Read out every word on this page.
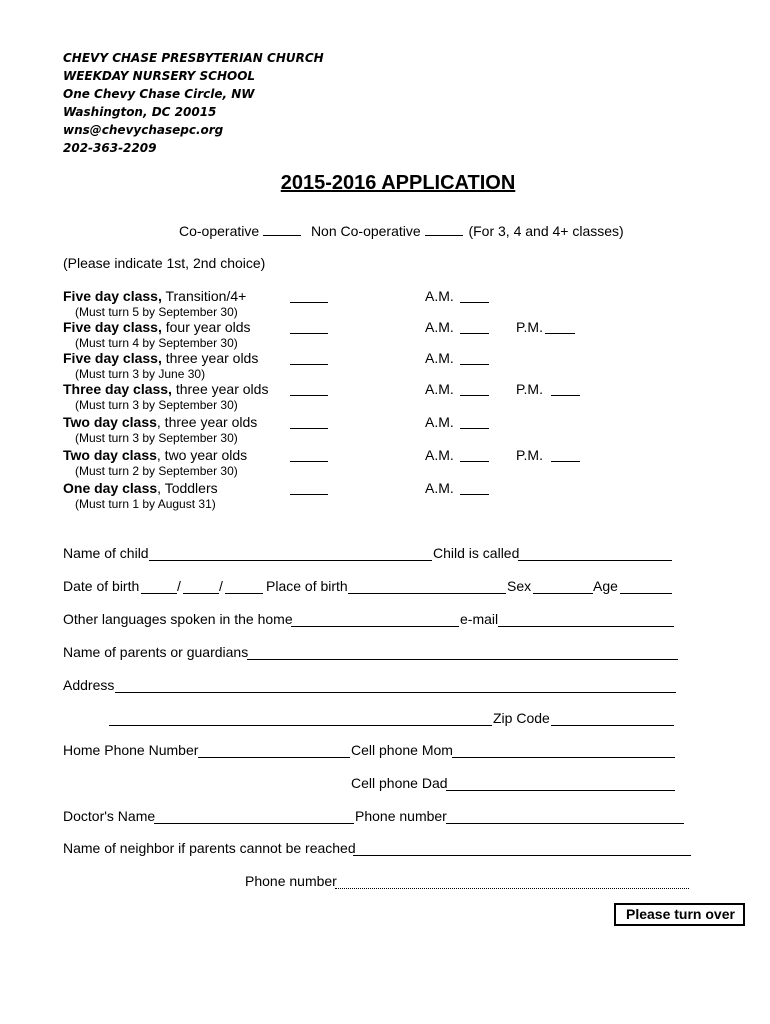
CHEVY CHASE PRESBYTERIAN CHURCH
WEEKDAY NURSERY SCHOOL
One Chevy Chase Circle, NW
Washington, DC 20015
wns@chevychasepc.org
202-363-2209
2015-2016 APPLICATION
Co-operative	Non Co-operative	(For 3, 4 and 4+ classes)
(Please indicate 1st, 2nd choice)
Five day class, Transition/4+
(Must turn 5 by September 30)
A.M.
Five day class, four year olds
(Must turn 4 by September 30)
A.M.	P.M.
Five day class, three year olds
(Must turn 3 by June 30)
A.M.
Three day class, three year olds
(Must turn 3 by September 30)
A.M.	P.M.
Two day class, three year olds
(Must turn 3 by September 30)
A.M.
Two day class, two year olds
(Must turn 2 by September 30)
A.M.	P.M.
One day class, Toddlers
(Must turn 1 by August 31)
A.M.
Name of child	Child is called
Date of birth	/	/	Place of birth	Sex	Age
Other languages spoken in the home	e-mail
Name of parents or guardians
Address
Zip Code
Home Phone Number	Cell phone Mom
Cell phone Dad
Doctor's Name	Phone number
Name of neighbor if parents cannot be reached
Phone number
Please turn over
